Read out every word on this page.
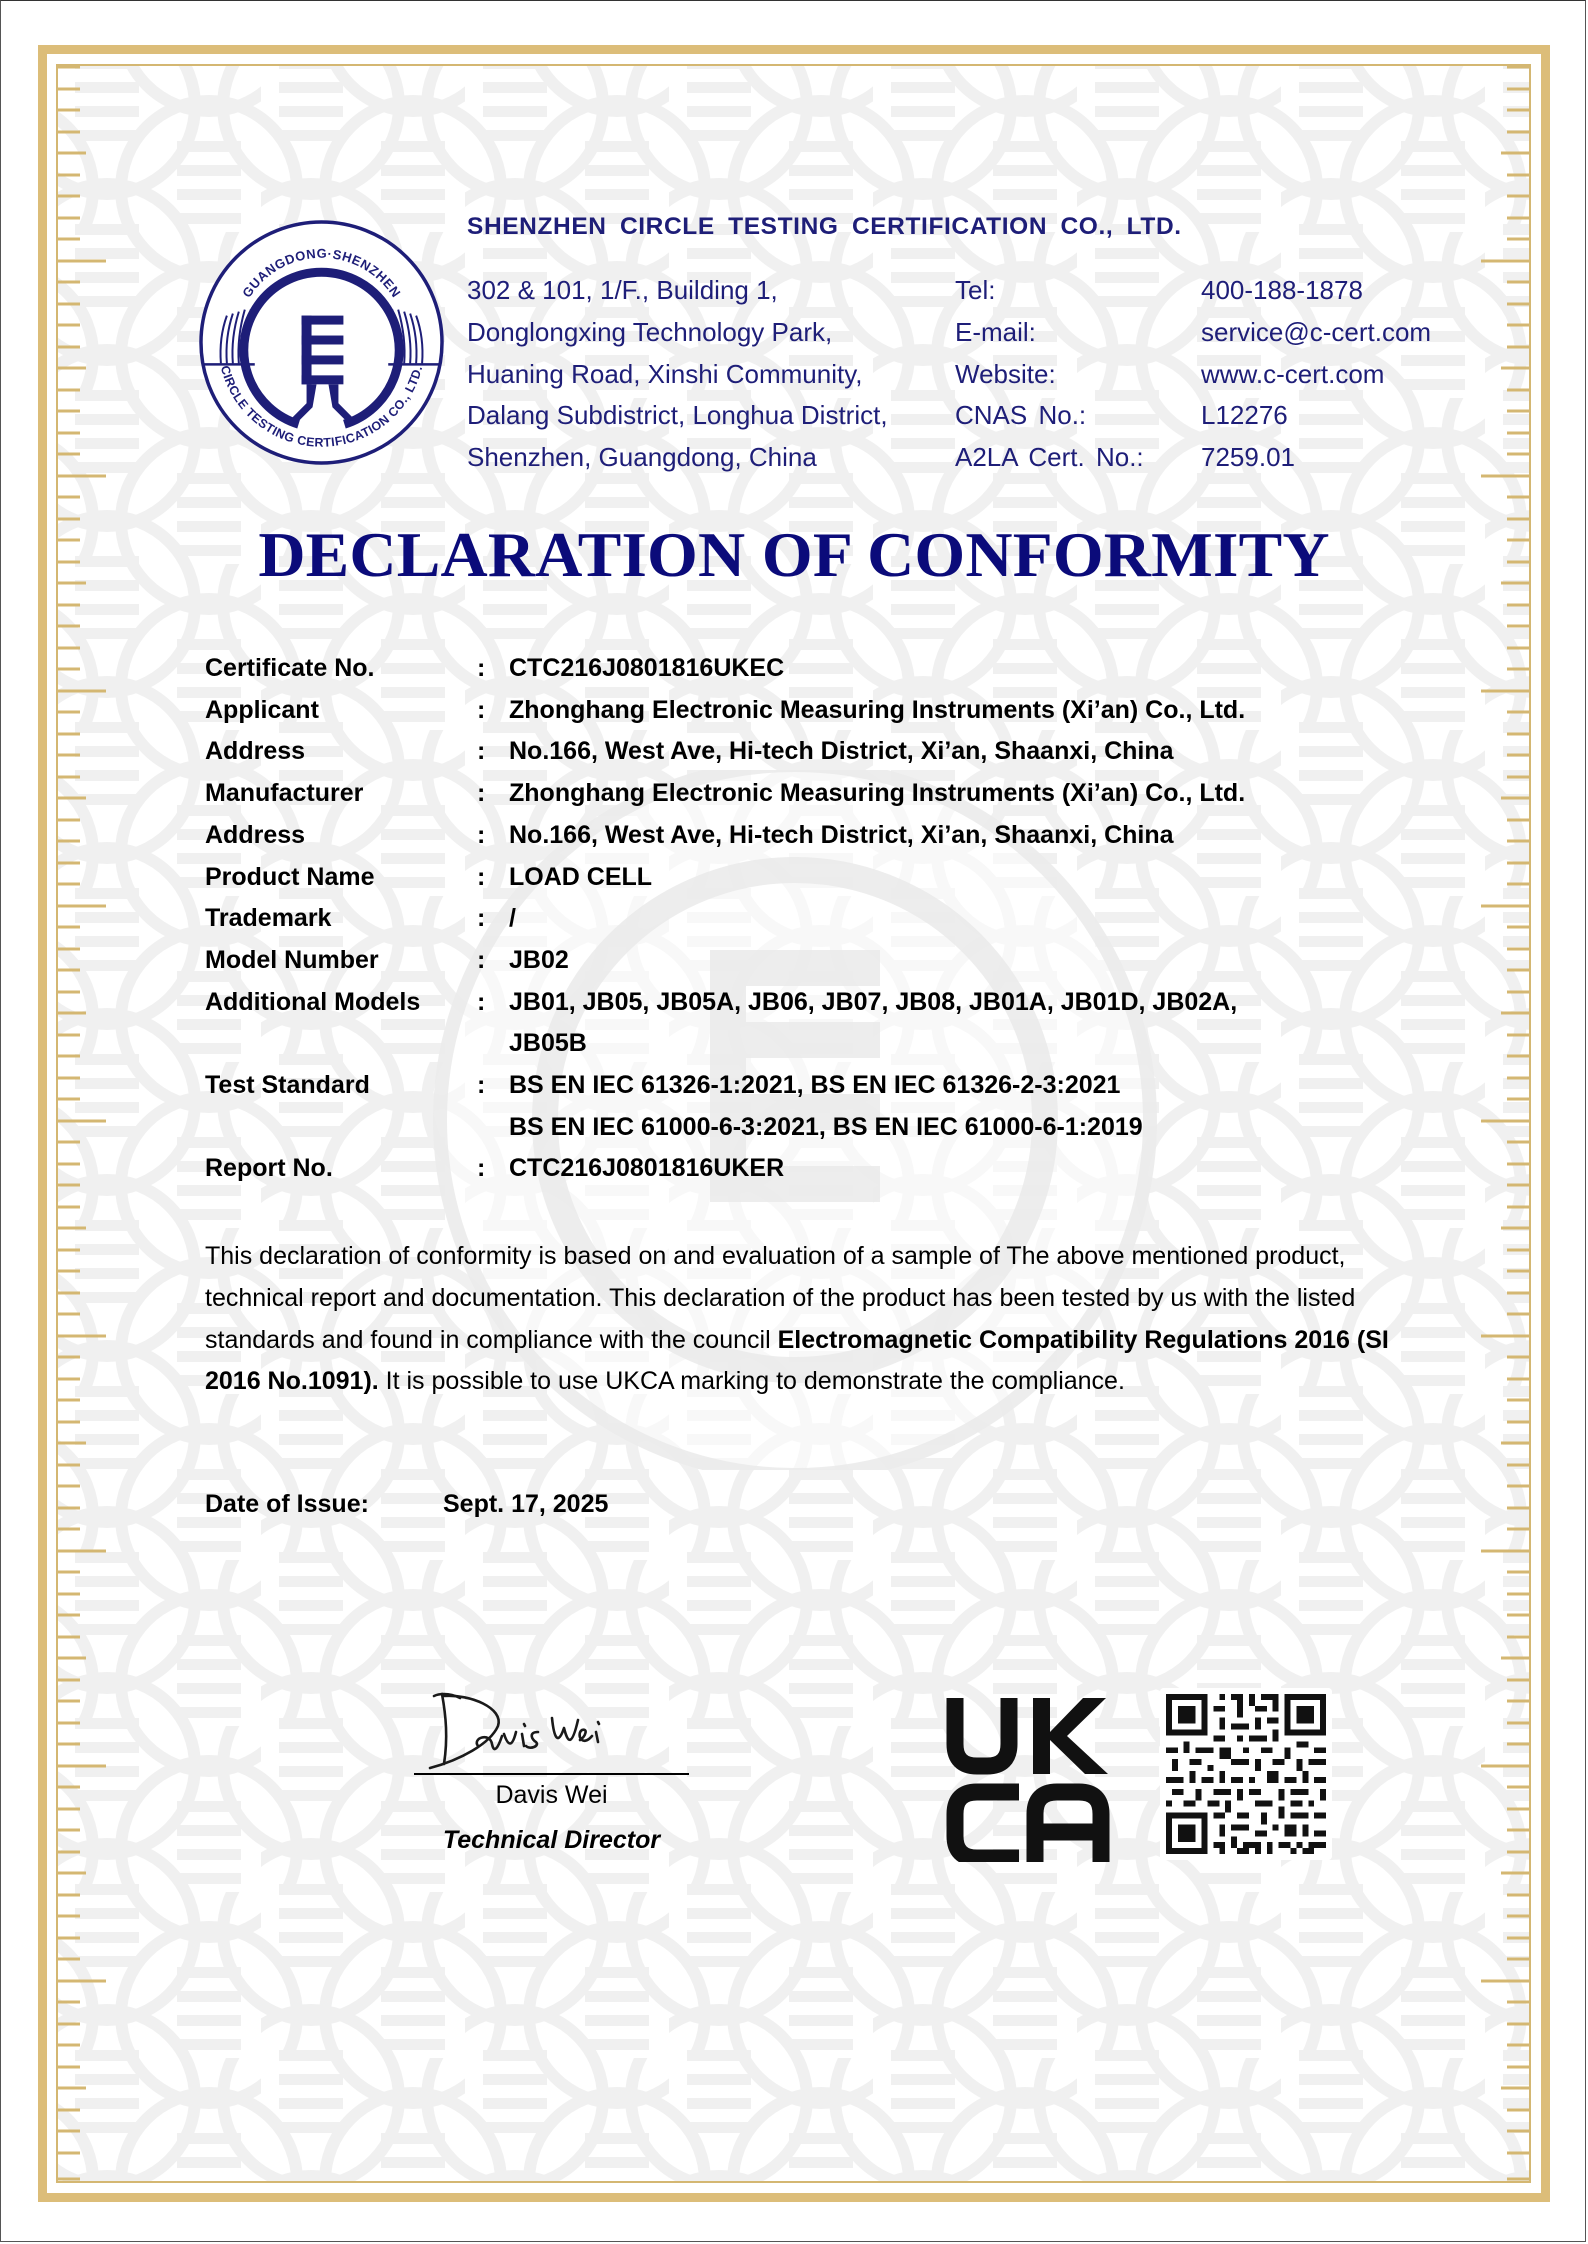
GUANGDONG·SHENZHEN
CIRCLE TESTING CERTIFICATION CO., LTD.
SHENZHEN CIRCLE TESTING CERTIFICATION CO., LTD.
302 & 101, 1/F., Building 1,
Donglongxing Technology Park,
Huaning Road, Xinshi Community,
Dalang Subdistrict, Longhua District,
Shenzhen, Guangdong, China
Tel:	400-188-1878
E-mail:	service@c-cert.com
Website:	www.c-cert.com
CNAS No.:	L12276
A2LA Cert. No.:	7259.01
DECLARATION OF CONFORMITY
Certificate No.	: CTC216J0801816UKEC
Applicant	: Zhonghang Electronic Measuring Instruments (Xi’an) Co., Ltd.
Address	: No.166, West Ave, Hi-tech District, Xi’an, Shaanxi, China
Manufacturer	: Zhonghang Electronic Measuring Instruments (Xi’an) Co., Ltd.
Address	: No.166, West Ave, Hi-tech District, Xi’an, Shaanxi, China
Product Name	: LOAD CELL
Trademark	: /
Model Number	: JB02
Additional Models	: JB01, JB05, JB05A, JB06, JB07, JB08, JB01A, JB01D, JB02A,
JB05B
Test Standard	: BS EN IEC 61326-1:2021, BS EN IEC 61326-2-3:2021
BS EN IEC 61000-6-3:2021, BS EN IEC 61000-6-1:2019
Report No.	: CTC216J0801816UKER
This declaration of conformity is based on and evaluation of a sample of The above mentioned product, technical report and documentation. This declaration of the product has been tested by us with the listed standards and found in compliance with the council Electromagnetic Compatibility Regulations 2016 (SI 2016 No.1091). It is possible to use UKCA marking to demonstrate the compliance.
Date of Issue:	Sept. 17, 2025
Davis Wei
Technical Director
